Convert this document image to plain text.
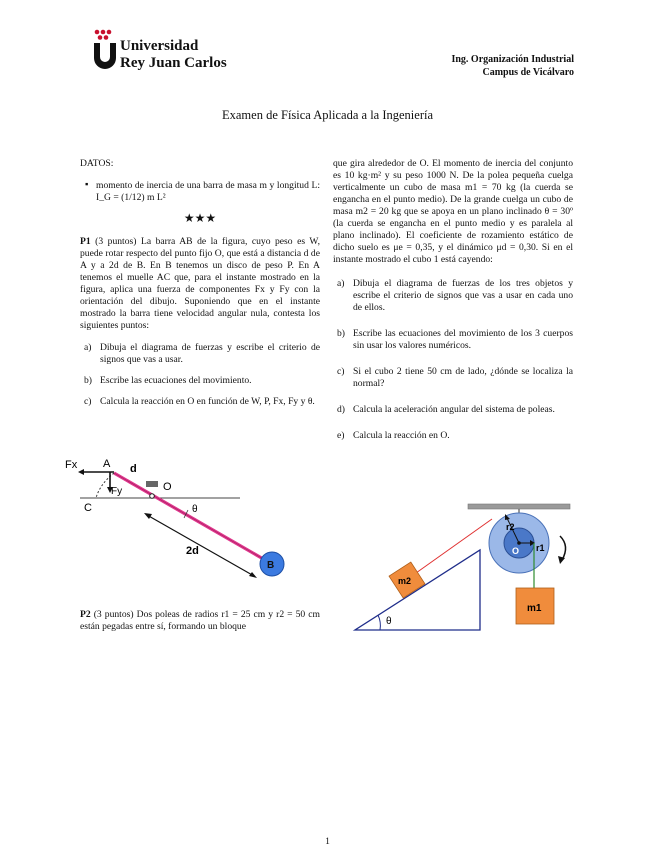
Universidad
Rey Juan Carlos	Ing. Organización Industrial
Campus de Vicálvaro
Examen de Física Aplicada a la Ingeniería
DATOS:
▪ momento de inercia de una barra de masa m y longitud L: I_G = (1/12) m L²
★★★
P1 (3 puntos) La barra AB de la figura, cuyo peso es W, puede rotar respecto del punto fijo O, que está a distancia d de A y a 2d de B. En B tenemos un disco de peso P. En A tenemos el muelle AC que, para el instante mostrado en la figura, aplica una fuerza de componentes Fx y Fy con la orientación del dibujo. Suponiendo que en el instante mostrado la barra tiene velocidad angular nula, contesta los siguientes puntos:
a) Dibuja el diagrama de fuerzas y escribe el criterio de signos que vas a usar.
b) Escribe las ecuaciones del movimiento.
c) Calcula la reacción en O en función de W, P, Fx, Fy y θ.
Fx A
Fy
C
d
O
θ
2d
B
P2 (3 puntos) Dos poleas de radios r1 = 25 cm y r2 = 50 cm están pegadas entre sí, formando un bloque
que gira alrededor de O. El momento de inercia del conjunto es 10 kg·m² y su peso 1000 N. De la polea pequeña cuelga verticalmente un cubo de masa m1 = 70 kg (la cuerda se engancha en el punto medio). De la grande cuelga un cubo de masa m2 = 20 kg que se apoya en un plano inclinado θ = 30º (la cuerda se engancha en el punto medio y es paralela al plano inclinado). El coeficiente de rozamiento estático de dicho suelo es μe = 0,35, y el dinámico μd = 0,30. Si en el instante mostrado el cubo 1 está cayendo:
a) Dibuja el diagrama de fuerzas de los tres objetos y escribe el criterio de signos que vas a usar en cada uno de ellos.
b) Escribe las ecuaciones del movimiento de los 3 cuerpos sin usar los valores numéricos.
c) Si el cubo 2 tiene 50 cm de lado, ¿dónde se localiza la normal?
d) Calcula la aceleración angular del sistema de poleas.
e) Calcula la reacción en O.
r2
r1
O
m2
m1
θ
1
